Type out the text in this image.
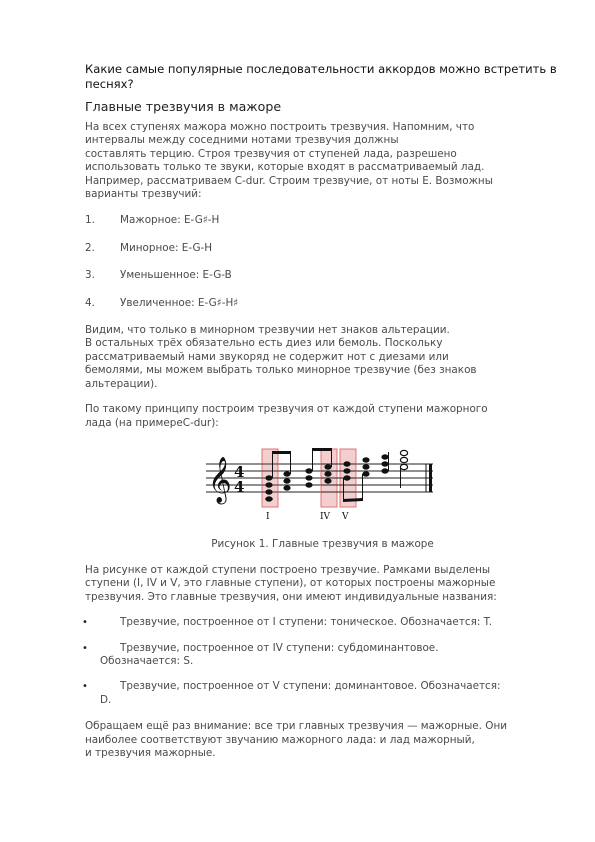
Какие самые популярные последовательности аккордов можно встретить в песнях?
Главные трезвучия в мажоре

На всех ступенях мажора можно построить трезвучия. Напомним, что
интервалы между соседними нотами трезвучия должны
составлять терцию. Строя трезвучия от ступеней лада, разрешено
использовать только те звуки, которые входят в рассматриваемый лад.
Например, рассматриваем C-dur. Строим трезвучие, от ноты E. Возможны
варианты трезвучий:

1.	Мажорное: E-G♯-H
2.	Минорное: E-G-H
3.	Уменьшенное: E-G-B
4.	Увеличенное: E-G♯-H♯

Видим, что только в минорном трезвучии нет знаков альтерации.
В остальных трёх обязательно есть диез или бемоль. Поскольку
рассматриваемый нами звукоряд не содержит нот с диезами или
бемолями, мы можем выбрать только минорное трезвучие (без знаков
альтерации).

По такому принципу построим трезвучия от каждой ступени мажорного
лада (на примереC-dur):

𝄞 4
4
I	IV V
Рисунок 1. Главные трезвучия в мажоре

На рисунке от каждой ступени построено трезвучие. Рамками выделены
ступени (I, IV и V, это главные ступени), от которых построены мажорные
трезвучия. Это главные трезвучия, они имеют индивидуальные названия:

•	Трезвучие, построенное от I ступени: тоническое. Обозначается: T.
•	Трезвучие, построенное от IV ступени: субдоминантовое.
Обозначается: S.
•	Трезвучие, построенное от V ступени: доминантовое. Обозначается:
D.

Обращаем ещё раз внимание: все три главных трезвучия — мажорные. Они
наиболее соответствуют звучанию мажорного лада: и лад мажорный,
и трезвучия мажорные.
